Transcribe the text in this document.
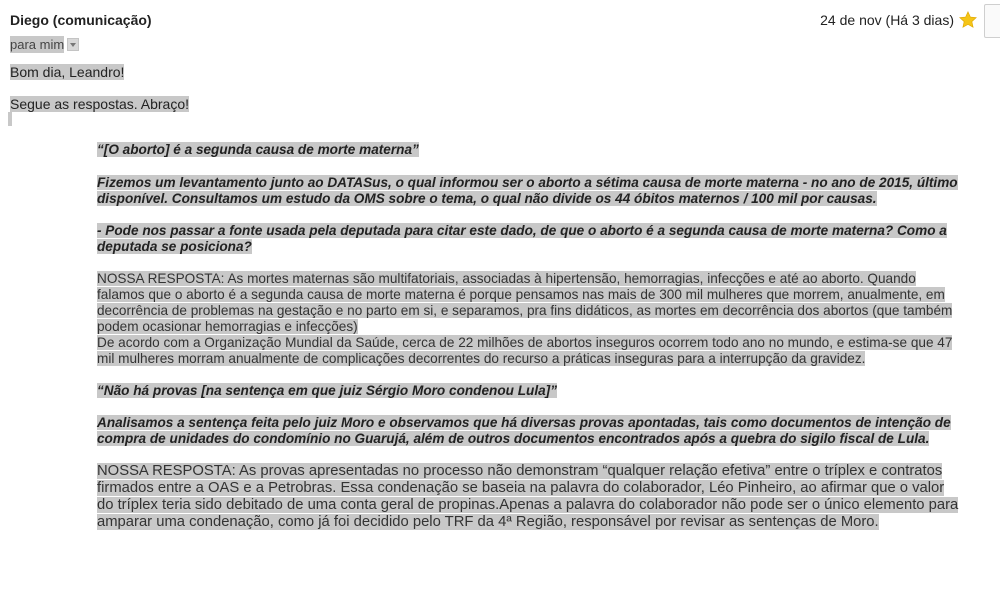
Diego (comunicação)	24 de nov (Há 3 dias)
para mim
Bom dia, Leandro!
Segue as respostas. Abraço!

“[O aborto] é a segunda causa de morte materna”

Fizemos um levantamento junto ao DATASus, o qual informou ser o aborto a sétima causa de morte materna - no ano de 2015, último disponível. Consultamos um estudo da OMS sobre o tema, o qual não divide os 44 óbitos maternos / 100 mil por causas.

- Pode nos passar a fonte usada pela deputada para citar este dado, de que o aborto é a segunda causa de morte materna? Como a deputada se posiciona?

NOSSA RESPOSTA: As mortes maternas são multifatoriais, associadas à hipertensão, hemorragias, infecções e até ao aborto. Quando falamos que o aborto é a segunda causa de morte materna é porque pensamos nas mais de 300 mil mulheres que morrem, anualmente, em decorrência de problemas na gestação e no parto em si, e separamos, pra fins didáticos, as mortes em decorrência dos abortos (que também podem ocasionar hemorragias e infecções)

De acordo com a Organização Mundial da Saúde, cerca de 22 milhões de abortos inseguros ocorrem todo ano no mundo, e estima-se que 47 mil mulheres morram anualmente de complicações decorrentes do recurso a práticas inseguras para a interrupção da gravidez.

“Não há provas [na sentença em que juiz Sérgio Moro condenou Lula]”

Analisamos a sentença feita pelo juiz Moro e observamos que há diversas provas apontadas, tais como documentos de intenção de compra de unidades do condomínio no Guarujá, além de outros documentos encontrados após a quebra do sigilo fiscal de Lula.

NOSSA RESPOSTA: As provas apresentadas no processo não demonstram “qualquer relação efetiva” entre o tríplex e contratos firmados entre a OAS e a Petrobras. Essa condenação se baseia na palavra do colaborador, Léo Pinheiro, ao afirmar que o valor do tríplex teria sido debitado de uma conta geral de propinas.Apenas a palavra do colaborador não pode ser o único elemento para amparar uma condenação, como já foi decidido pelo TRF da 4ª Região, responsável por revisar as sentenças de Moro.
